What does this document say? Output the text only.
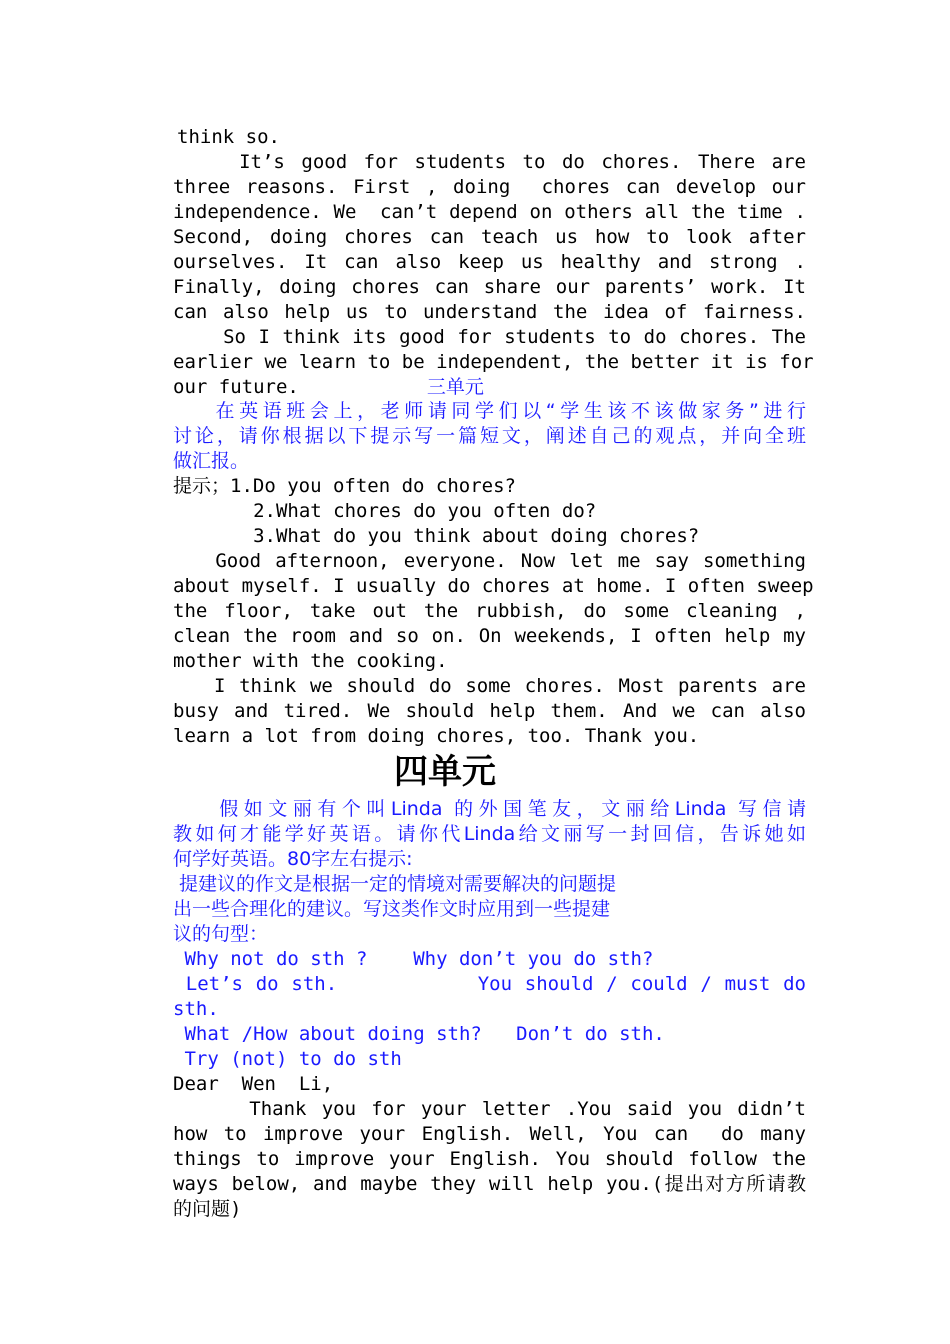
think so.

It’s good for students to do chores. There are

three reasons. First , doing  chores can develop our

independence. We  can’t depend on others all the time .

Second, doing chores can teach us how to look after

ourselves. It can also keep us healthy and strong .

Finally, doing chores can share our parents’ work. It

can also help us to understand the idea of fairness.

So I think its good for students to do chores. The

earlier we learn to be independent, the better it is for

our future.	三单元

在英语班会上，老师请同学们以“学生该不该做家务”进行

讨论，请你根据以下提示写一篇短文，阐述自己的观点，并向全班

做汇报。

提示；1.Do you often do chores?

2.What chores do you often do?

3.What do you think about doing chores?

Good afternoon, everyone. Now let me say something

about myself. I usually do chores at home. I often sweep

the floor, take out the rubbish, do some cleaning ,

clean the room and so on. On weekends, I often help my

mother with the cooking.

I think we should do some chores. Most parents are

busy and tired. We should help them. And we can also

learn a lot from doing chores, too. Thank you.

四单元

假如文丽有个叫Linda 的外国笔友，文丽给Linda 写信请

教如何才能学好英语。请你代Linda给文丽写一封回信，告诉她如

何学好英语。80字左右提示:

提建议的作文是根据一定的情境对需要解决的问题提

出一些合理化的建议。写这类作文时应用到一些提建

议的句型：

Why not do sth ?    Why don’t you do sth?

Let’s do sth.           You should / could / must do

sth.

What /How about doing sth?   Don’t do sth.

Try (not) to do sth

Dear  Wen  Li,

Thank you for your letter .You said you didn’t

how to improve your English. Well, You can  do many

things to improve your English. You should follow the

ways below, and maybe they will help you.(提出对方所请教

的问题)
